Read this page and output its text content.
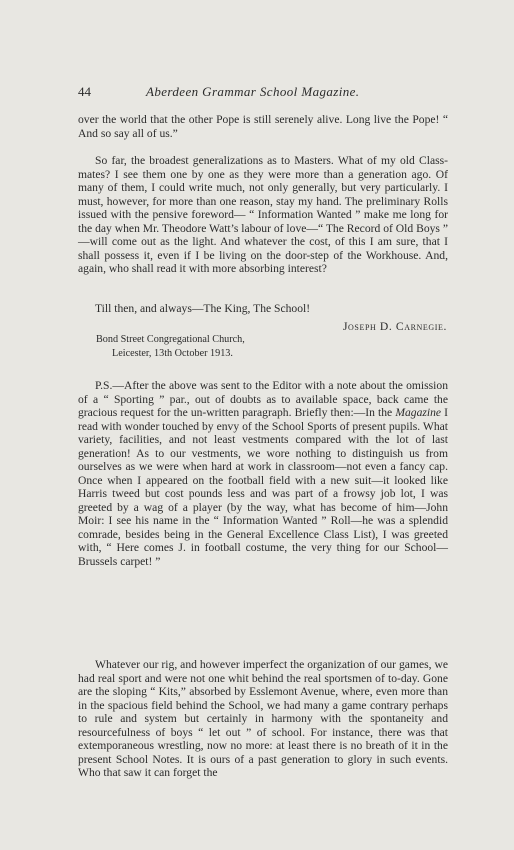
44	Aberdeen Grammar School Magazine.

over the world that the other Pope is still serenely alive. Long live the Pope! “ And so say all of us.”

So far, the broadest generalizations as to Masters. What of my old Class-mates? I see them one by one as they were more than a generation ago. Of many of them, I could write much, not only generally, but very particularly. I must, however, for more than one reason, stay my hand. The preliminary Rolls issued with the pensive foreword— “ Information Wanted ” make me long for the day when Mr. Theodore Watt’s labour of love—“ The Record of Old Boys ” —will come out as the light. And whatever the cost, of this I am sure, that I shall possess it, even if I be living on the door-step of the Workhouse. And, again, who shall read it with more absorbing interest?

Till then, and always—The King, The School!

Joseph D. Carnegie.

Bond Street Congregational Church,

Leicester, 13th October 1913.

P.S.—After the above was sent to the Editor with a note about the omission of a “ Sporting ” par., out of doubts as to available space, back came the gracious request for the un-written paragraph. Briefly then:—In the Magazine I read with wonder touched by envy of the School Sports of present pupils. What variety, facilities, and not least vestments compared with the lot of last generation! As to our vestments, we wore nothing to distinguish us from ourselves as we were when hard at work in classroom—not even a fancy cap. Once when I appeared on the football field with a new suit—it looked like Harris tweed but cost pounds less and was part of a frowsy job lot, I was greeted by a wag of a player (by the way, what has become of him—John Moir: I see his name in the “ Information Wanted ” Roll—he was a splendid comrade, besides being in the General Excellence Class List), I was greeted with, “ Here comes J. in football costume, the very thing for our School—Brussels carpet! ”

Whatever our rig, and however imperfect the organization of our games, we had real sport and were not one whit behind the real sportsmen of to-day. Gone are the sloping “ Kits,” absorbed by Esslemont Avenue, where, even more than in the spacious field behind the School, we had many a game contrary perhaps to rule and system but certainly in harmony with the spontaneity and resourcefulness of boys “ let out ” of school. For instance, there was that extemporaneous wrestling, now no more: at least there is no breath of it in the present School Notes. It is ours of a past generation to glory in such events. Who that saw it can forget the
